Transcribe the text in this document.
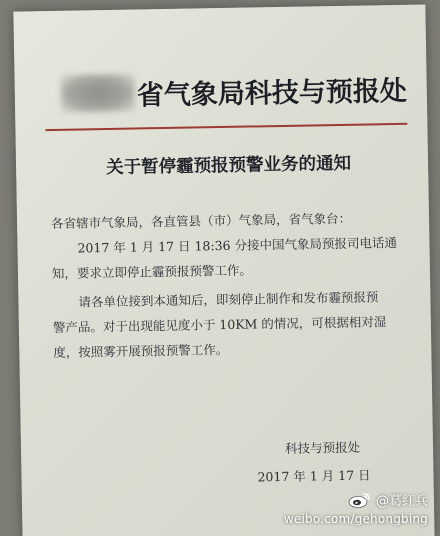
省气象局科技与预报处
关于暂停霾预报预警业务的通知

各省辖市气象局，各直管县（市）气象局，省气象台：

2017 年 1 月 17 日 18:36 分接中国气象局预报司电话通

知，要求立即停止霾预报预警工作。

请各单位接到本通知后，即刻停止制作和发布霾预报预

警产品。对于出现能见度小于 10KM 的情况，可根据相对湿

度，按照雾开展预报预警工作。

科技与预报处
2017 年 1 月 17 日
@葛红兵
weibo.com/gehongbing
